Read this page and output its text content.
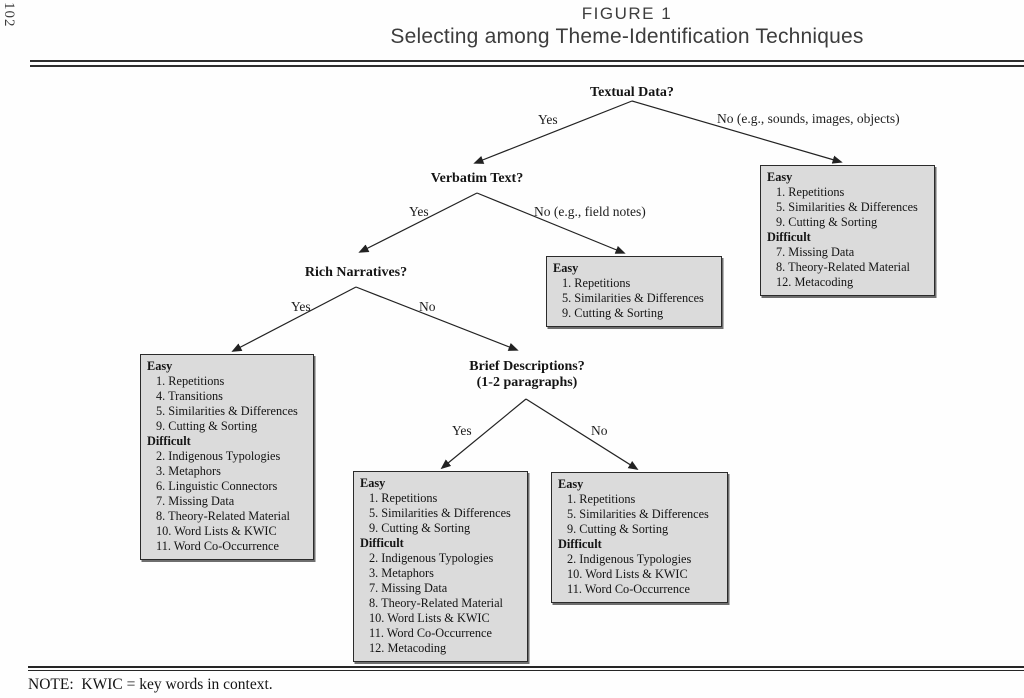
102	FIGURE 1
Selecting among Theme-Identification Techniques
Textual Data?
Verbatim Text?
Rich Narratives?
Brief Descriptions?
(1-2 paragraphs)
Yes	No (e.g., sounds, images, objects)
Yes	No (e.g., field notes)
Yes	No
Yes	No
Easy
1. Repetitions
5. Similarities & Differences
9. Cutting & Sorting
Difficult
7. Missing Data
8. Theory-Related Material
12. Metacoding
Easy
1. Repetitions
5. Similarities & Differences
9. Cutting & Sorting
Easy
1. Repetitions
4. Transitions
5. Similarities & Differences
9. Cutting & Sorting
Difficult
2. Indigenous Typologies
3. Metaphors
6. Linguistic Connectors
7. Missing Data
8. Theory-Related Material
10. Word Lists & KWIC
11. Word Co-Occurrence
Easy
1. Repetitions
5. Similarities & Differences
9. Cutting & Sorting
Difficult
2. Indigenous Typologies
3. Metaphors
7. Missing Data
8. Theory-Related Material
10. Word Lists & KWIC
11. Word Co-Occurrence
12. Metacoding
Easy
1. Repetitions
5. Similarities & Differences
9. Cutting & Sorting
Difficult
2. Indigenous Typologies
10. Word Lists & KWIC
11. Word Co-Occurrence
NOTE:  KWIC = key words in context.
